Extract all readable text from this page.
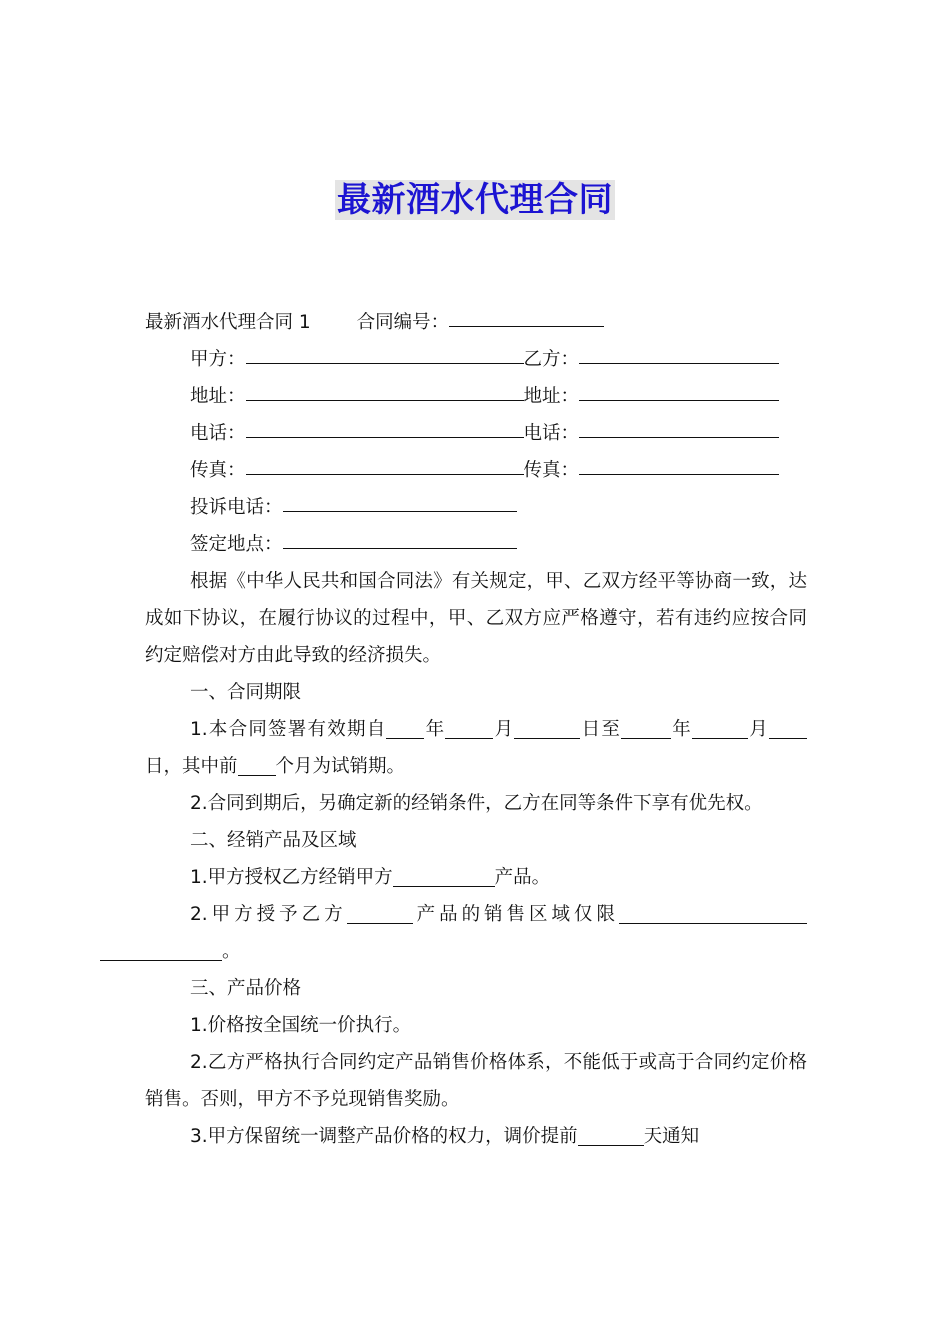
最新酒水代理合同
最新酒水代理合同 1 合同编号：
甲方：	乙方：
地址：	地址：
电话：	电话：
传真：	传真：
投诉电话：
签定地点：

根据《中华人民共和国合同法》有关规定，甲、乙双方经平等协商一致，达成如下协议，在履行协议的过程中，甲、乙双方应严格遵守，若有违约应按合同约定赔偿对方由此导致的经济损失。

一、合同期限

1.本合同签署有效期自 年	月	日至	年	月日，其中前 个月为试销期。

2.合同到期后，另确定新的经销条件，乙方在同等条件下享有优先权。

二、经销产品及区域

1.甲方授权乙方经销甲方	产品。

2.甲方授予乙方	产品的销售区域仅限。

三、产品价格

1.价格按全国统一价执行。

2.乙方严格执行合同约定产品销售价格体系，不能低于或高于合同约定价格销售。否则，甲方不予兑现销售奖励。

3.甲方保留统一调整产品价格的权力，调价提前	天通知
